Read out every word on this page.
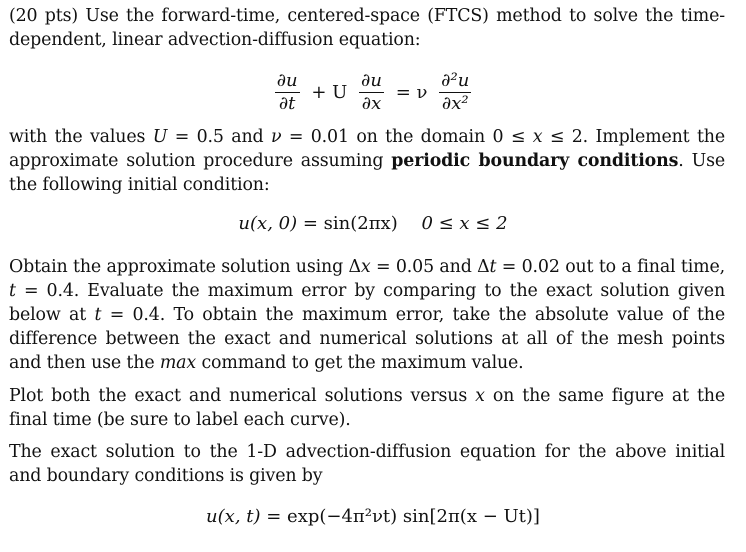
(20 pts) Use the forward-time, centered-space (FTCS) method to solve the time-dependent, linear advection-diffusion equation:
$\frac{\partial u}{\partial t} + U \frac{\partial u}{\partial x} = \nu \frac{\text{∂²u}}{\text{∂x²}}$
with the values U = 0.5 and ν = 0.01 on the domain 0 ≤ x ≤ 2. Implement the approximate solution procedure assuming periodic boundary conditions. Use the following initial condition:
u(x, 0) = sin(2πx) 0 ≤ x ≤ 2
Obtain the approximate solution using Δx = 0.05 and Δt = 0.02 out to a final time, t = 0.4. Evaluate the maximum error by comparing to the exact solution given below at t = 0.4. To obtain the maximum error, take the absolute value of the difference between the exact and numerical solutions at all of the mesh points and then use the max command to get the maximum value.
Plot both the exact and numerical solutions versus x on the same figure at the final time (be sure to label each curve).
The exact solution to the 1-D advection-diffusion equation for the above initial and boundary conditions is given by
u(x, t) = exp(−4π²νt) sin[2π(x − Ut)]
